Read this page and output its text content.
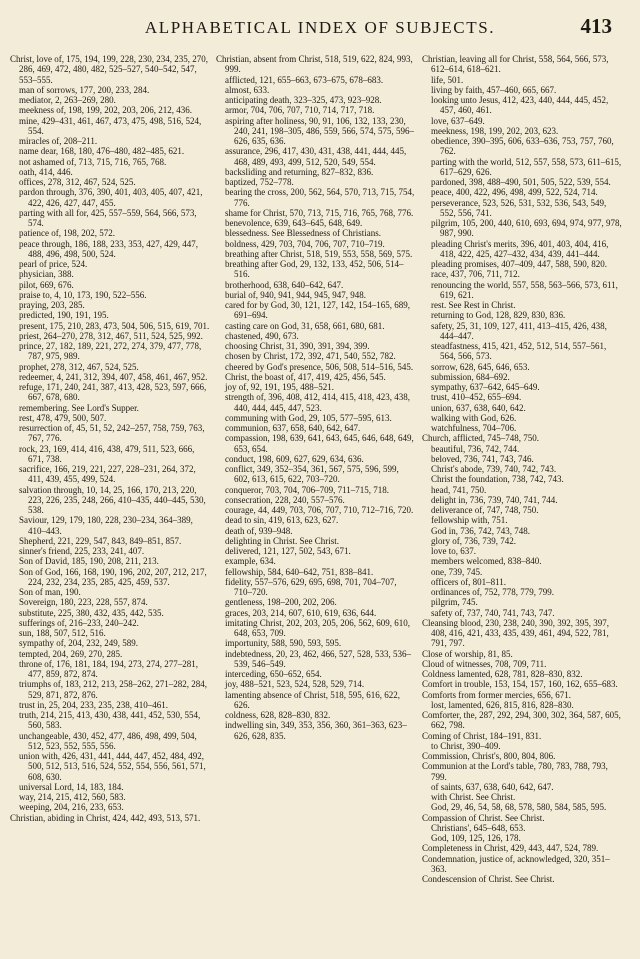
ALPHABETICAL INDEX OF SUBJECTS.	413

Christ, love of, 175, 194, 199, 228, 230, 234, 235, 270, 286, 469, 472, 480, 482, 525–527, 540–542, 547, 553–555.

man of sorrows, 177, 200, 233, 284.

mediator, 2, 263–269, 280.

meekness of, 198, 199, 202, 203, 206, 212, 436.

mine, 429–431, 461, 467, 473, 475, 498, 516, 524, 554.

miracles of, 208–211.

name dear, 168, 180, 476–480, 482–485, 621.

not ashamed of, 713, 715, 716, 765, 768.

oath, 414, 446.

offices, 278, 312, 467, 524, 525.

pardon through, 376, 390, 401, 403, 405, 407, 421, 422, 426, 427, 447, 455.

parting with all for, 425, 557–559, 564, 566, 573, 574.

patience of, 198, 202, 572.

peace through, 186, 188, 233, 353, 427, 429, 447, 488, 496, 498, 500, 524.

pearl of price, 524.

physician, 388.

pilot, 669, 676.

praise to, 4, 10, 173, 190, 522–556.

praying, 203, 285.

predicted, 190, 191, 195.

present, 175, 210, 283, 473, 504, 506, 515, 619, 701.

priest, 264–270, 278, 312, 467, 511, 524, 525, 992.

prince, 27, 182, 189, 221, 272, 274, 379, 477, 778, 787, 975, 989.

prophet, 278, 312, 467, 524, 525.

redeemer, 4, 241, 312, 394, 407, 458, 461, 467, 952.

refuge, 171, 240, 241, 387, 413, 428, 523, 597, 666, 667, 678, 680.

remembering. See Lord's Supper.

rest, 478, 479, 500, 507.

resurrection of, 45, 51, 52, 242–257, 758, 759, 763, 767, 776.

rock, 23, 169, 414, 416, 438, 479, 511, 523, 666, 671, 738.

sacrifice, 166, 219, 221, 227, 228–231, 264, 372, 411, 439, 455, 499, 524.

salvation through, 10, 14, 25, 166, 170, 213, 220, 223, 226, 235, 248, 266, 410–435, 440–445, 530, 538.

Saviour, 129, 179, 180, 228, 230–234, 364–389, 410–443.

Shepherd, 221, 229, 547, 843, 849–851, 857.

sinner's friend, 225, 233, 241, 407.

Son of David, 185, 190, 208, 211, 213.

Son of God, 166, 168, 190, 196, 202, 207, 212, 217, 224, 232, 234, 235, 285, 425, 459, 537.

Son of man, 190.

Sovereign, 180, 223, 228, 557, 874.

substitute, 225, 380, 432, 435, 442, 535.

sufferings of, 216–233, 240–242.

sun, 188, 507, 512, 516.

sympathy of, 204, 232, 249, 589.

tempted, 204, 269, 270, 285.

throne of, 176, 181, 184, 194, 273, 274, 277–281, 477, 859, 872, 874.

triumphs of, 183, 212, 213, 258–262, 271–282, 284, 529, 871, 872, 876.

trust in, 25, 204, 233, 235, 238, 410–461.

truth, 214, 215, 413, 430, 438, 441, 452, 530, 554, 560, 583.

unchangeable, 430, 452, 477, 486, 498, 499, 504, 512, 523, 552, 555, 556.

union with, 426, 431, 441, 444, 447, 452, 484, 492, 500, 512, 513, 516, 524, 552, 554, 556, 561, 571, 608, 630.

universal Lord, 14, 183, 184.

way, 214, 215, 412, 560, 583.

weeping, 204, 216, 233, 653.

Christian, abiding in Christ, 424, 442, 493, 513, 571.

Christian, absent from Christ, 518, 519, 622, 824, 993, 999.

afflicted, 121, 655–663, 673–675, 678–683.

almost, 633.

anticipating death, 323–325, 473, 923–928.

armor, 704, 706, 707, 710, 714, 717, 718.

aspiring after holiness, 90, 91, 106, 132, 133, 230, 240, 241, 198–305, 486, 559, 566, 574, 575, 596–626, 635, 636.

assurance, 296, 417, 430, 431, 438, 441, 444, 445, 468, 489, 493, 499, 512, 520, 549, 554.

backsliding and returning, 827–832, 836.

baptized, 752–778.

bearing the cross, 200, 562, 564, 570, 713, 715, 754, 776.

shame for Christ, 570, 713, 715, 716, 765, 768, 776.

benevolence, 639, 643–645, 648, 649.

blessedness. See Blessedness of Christians.

boldness, 429, 703, 704, 706, 707, 710–719.

breathing after Christ, 518, 519, 553, 558, 569, 575.

breathing after God, 29, 132, 133, 452, 506, 514–516.

brotherhood, 638, 640–642, 647.

burial of, 940, 941, 944, 945, 947, 948.

cared for by God, 30, 121, 127, 142, 154–165, 689, 691–694.

casting care on God, 31, 658, 661, 680, 681.

chastened, 490, 673.

choosing Christ, 31, 390, 391, 394, 399.

chosen by Christ, 172, 392, 471, 540, 552, 782.

cheered by God's presence, 506, 508, 514–516, 545.

Christ, the boast of, 417, 419, 425, 456, 545.

joy of, 92, 191, 195, 488–521.

strength of, 396, 408, 412, 414, 415, 418, 423, 438, 440, 444, 445, 447, 523.

communing with God, 29, 105, 577–595, 613.

communion, 637, 658, 640, 642, 647.

compassion, 198, 639, 641, 643, 645, 646, 648, 649, 653, 654.

conduct, 198, 609, 627, 629, 634, 636.

conflict, 349, 352–354, 361, 567, 575, 596, 599, 602, 613, 615, 622, 703–720.

conqueror, 703, 704, 706–709, 711–715, 718.

consecration, 228, 240, 557–576.

courage, 44, 449, 703, 706, 707, 710, 712–716, 720.

dead to sin, 419, 613, 623, 627.

death of, 939–948.

delighting in Christ. See Christ.

delivered, 121, 127, 502, 543, 671.

example, 634.

fellowship, 584, 640–642, 751, 838–841.

fidelity, 557–576, 629, 695, 698, 701, 704–707, 710–720.

gentleness, 198–200, 202, 206.

graces, 203, 214, 607, 610, 619, 636, 644.

imitating Christ, 202, 203, 205, 206, 562, 609, 610, 648, 653, 709.

importunity, 588, 590, 593, 595.

indebtedness, 20, 23, 462, 466, 527, 528, 533, 536–539, 546–549.

interceding, 650–652, 654.

joy, 488–521, 523, 524, 528, 529, 714.

lamenting absence of Christ, 518, 595, 616, 622, 626.

coldness, 628, 828–830, 832.

indwelling sin, 349, 353, 356, 360, 361–363, 623–626, 628, 835.

Christian, leaving all for Christ, 558, 564, 566, 573, 612–614, 618–621.

life, 501.

living by faith, 457–460, 665, 667.

looking unto Jesus, 412, 423, 440, 444, 445, 452, 457, 460, 461.

love, 637–649.

meekness, 198, 199, 202, 203, 623.

obedience, 390–395, 606, 633–636, 753, 757, 760, 762.

parting with the world, 512, 557, 558, 573, 611–615, 617–629, 626.

pardoned, 398, 488–490, 501, 505, 522, 539, 554.

peace, 400, 422, 496, 498, 499, 522, 524, 714.

perseverance, 523, 526, 531, 532, 536, 543, 549, 552, 556, 741.

pilgrim, 105, 200, 440, 610, 693, 694, 974, 977, 978, 987, 990.

pleading Christ's merits, 396, 401, 403, 404, 416, 418, 422, 425, 427–432, 434, 439, 441–444.

pleading promises, 407–409, 447, 588, 590, 820.

race, 437, 706, 711, 712.

renouncing the world, 557, 558, 563–566, 573, 611, 619, 621.

rest. See Rest in Christ.

returning to God, 128, 829, 830, 836.

safety, 25, 31, 109, 127, 411, 413–415, 426, 438, 444–447.

steadfastness, 415, 421, 452, 512, 514, 557–561, 564, 566, 573.

sorrow, 628, 645, 646, 653.

submission, 684–692.

sympathy, 637–642, 645–649.

trust, 410–452, 655–694.

union, 637, 638, 640, 642.

walking with God, 626.

watchfulness, 704–706.

Church, afflicted, 745–748, 750.

beautiful, 736, 742, 744.

beloved, 736, 741, 743, 746.

Christ's abode, 739, 740, 742, 743.

Christ the foundation, 738, 742, 743.

head, 741, 750.

delight in, 736, 739, 740, 741, 744.

deliverance of, 747, 748, 750.

fellowship with, 751.

God in, 736, 742, 743, 748.

glory of, 736, 739, 742.

love to, 637.

members welcomed, 838–840.

one, 739, 745.

officers of, 801–811.

ordinances of, 752, 778, 779, 799.

pilgrim, 745.

safety of, 737, 740, 741, 743, 747.

Cleansing blood, 230, 238, 240, 390, 392, 395, 397, 408, 416, 421, 433, 435, 439, 461, 494, 522, 781, 791, 797.

Close of worship, 81, 85.

Cloud of witnesses, 708, 709, 711.

Coldness lamented, 628, 781, 828–830, 832.

Comfort in trouble, 153, 154, 157, 160, 162, 655–683.

Comforts from former mercies, 656, 671.

lost, lamented, 626, 815, 816, 828–830.

Comforter, the, 287, 292, 294, 300, 302, 364, 587, 605, 662, 798.

Coming of Christ, 184–191, 831.

to Christ, 390–409.

Commission, Christ's, 800, 804, 806.

Communion at the Lord's table, 780, 783, 788, 793, 799.

of saints, 637, 638, 640, 642, 647.

with Christ. See Christ.

God, 29, 46, 54, 58, 68, 578, 580, 584, 585, 595.

Compassion of Christ. See Christ.

Christians', 645–648, 653.

God, 109, 125, 126, 178.

Completeness in Christ, 429, 443, 447, 524, 789.

Condemnation, justice of, acknowledged, 320, 351–363.

Condescension of Christ. See Christ.
